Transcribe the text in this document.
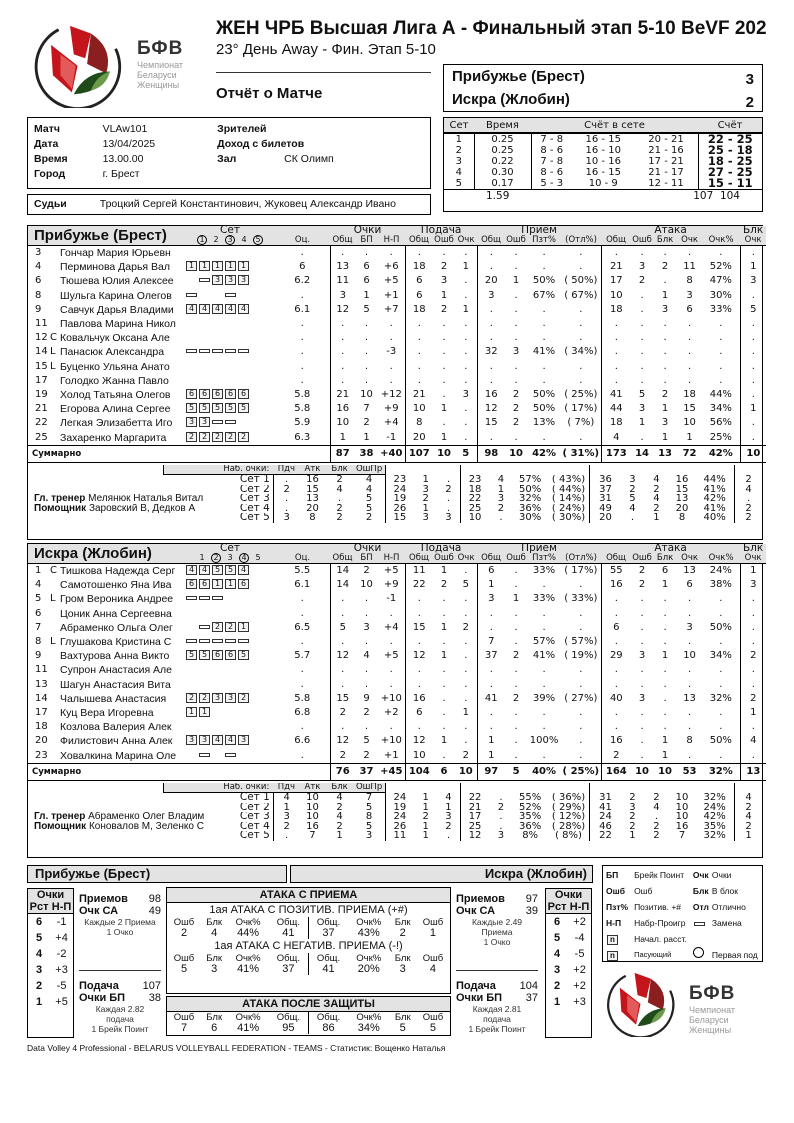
БФВ
Чемпионат
Беларуси
Женщины
ЖЕН ЧРБ Высшая Лига А - Финальный этап 5-10 BeVF 202
23° День Away - Фин. Этап 5-10
Отчёт о Матче
Прибужье (Брест)	3
Искра (Жлобин)	2
Матч	VLAw101	Зрителей	
Дата	13/04/2025	Доход с билетов	
Время	13.00.00	Зал	СК Олимп
Город	г. Брест		
Судьи	Троцкий Сергей Константинович, Жуковец Александр Ивано
Сет	Время	Счёт в сете			Счёт
1	0.25	7 - 8	16 - 15	20 - 21	22 - 25
2	0.25	8 - 6	16 - 10	21 - 16	25 - 18
3	0.22	7 - 8	10 - 16	17 - 21	18 - 25
4	0.30	8 - 6	16 - 15	21 - 17	27 - 25
5	0.17	5 - 3	10 - 9	12 - 11	15 - 11
1.59	107  104
Прибужье (Брест)			Сет		Очки			Подача			Прием				Атака					Блк
			1 2 3 4 5	Оц.	Общ	БП	Н-П	Общ	Ошб	Очк	Общ	Ошб	Пзт%	(Отл%)	Общ	Ошб	Блк	Очк	Очк%	Очк
3		Гончар Мария Юрьевн		.	.	.	.	.	.	.	.	.	.	.	.	.	.	.	.	.
4		Перминова Дарья Вал	1 1 1 1 1	6	13	6	+6	18	2	1	.	.	.	.	21	3	2	11	52%	1
6		Тюшева Юлия Алексее	3 3 3	6.2	11	6	+5	6	3	.	20	1	50%	( 50%)	17	2	.	8	47%	3
8		Шульга Карина Олегов		.	3	1	+1	6	1	.	3	.	67%	( 67%)	10	.	1	3	30%	.
9		Савчук Дарья Владими	4 4 4 4 4	6.1	12	5	+7	18	2	1	.	.	.	.	18	.	3	6	33%	5
11		Павлова Марина Никол		.	.	.	.	.	.	.	.	.	.	.	.	.	.	.	.	.
12	C	Ковальчук Оксана Але		.	.	.	.	.	.	.	.	.	.	.	.	.	.	.	.	.
14	L	Панасюк Александра		.	.	.	-3	.	.	.	32	3	41%	( 34%)	.	.	.	.	.	.
15	L	Буценко Ульяна Анато		.	.	.	.	.	.	.	.	.	.	.	.	.	.	.	.	.
17		Голодко Жанна Павло		.	.	.	.	.	.	.	.	.	.	.	.	.	.	.	.	.
19		Холод Татьяна Олегов	6 6 6 6 6	5.8	21	10	+12	21	.	3	16	2	50%	( 25%)	41	5	2	18	44%	.
21		Егорова Алина Сергее	5 5 5 5 5	5.8	16	7	+9	10	1	.	12	2	50%	( 17%)	44	3	1	15	34%	1
22		Легкая Элизабетта Иго	3 3	5.9	10	2	+4	8	.	.	15	2	13%	( 7%)	18	1	3	10	56%	.
25		Захаренко Маргарита	2 2 2 2 2	6.3	1	1	-1	20	1	.	.	.	.	.	4	.	1	1	25%	.
Суммарно					87	38	+40	107	10	5	98	10	42%	( 31%)	173	14	13	72	42%	10
	Наб. очки:		Пдч	Атк	Блк	ОшПр													
		Сет 1	.	16	2	4	23	1	.	23	4	57%	( 43%)	36	3	4	16	44%	2
		Сет 2	2	15	4	4	24	3	2	18	1	50%	( 44%)	37	2	2	15	41%	4
Гл. тренер Мелянюк Наталья Витал		Сет 3	.	13	.	5	19	2	.	22	3	32%	( 14%)	31	5	4	13	42%	.
Помощник Заровский В, Дедков А		Сет 4	.	20	2	5	26	1	.	25	2	36%	( 24%)	49	4	2	20	41%	2
		Сет 5	3	8	2	2	15	3	3	10	.	30%	( 30%)	20	.	1	8	40%	2
Искра (Жлобин)			Сет		Очки			Подача			Прием				Атака					Блк
			1 2 3 4 5	Оц.	Общ	БП	Н-П	Общ	Ошб	Очк	Общ	Ошб	Пзт%	(Отл%)	Общ	Ошб	Блк	Очк	Очк%	Очк
1	C	Тишкова Надежда Серг	4 4 5 5 4	5.5	14	2	+5	11	1	.	6	.	33%	( 17%)	55	2	6	13	24%	1
4		Самотошенко Яна Ива	6 6 1 1 6	6.1	14	10	+9	22	2	5	1	.	.	.	16	2	1	6	38%	3
5	L	Гром Вероника Андрее		.	.	.	-1	.	.	.	3	1	33%	( 33%)	.	.	.	.	.	.
6		Цоник Анна Сергеевна		.	.	.	.	.	.	.	.	.	.	.	.	.	.	.	.	.
7		Абраменко Ольга Олег	2 2 1	6.5	5	3	+4	15	1	2	.	.	.	.	6	.	.	3	50%	.
8	L	Глушакова Кристина С		.	.	.	.	.	.	.	7	.	57%	( 57%)	.	.	.	.	.	.
9		Вахтурова Анна Викто	5 5 6 6 5	5.7	12	4	+5	12	1	.	37	2	41%	( 19%)	29	3	1	10	34%	2
11		Супрон Анастасия Але		.	.	.	.	.	.	.	.	.	.	.	.	.	.	.	.	.
13		Шагун Анастасия Вита		.	.	.	.	.	.	.	.	.	.	.	.	.	.	.	.	.
14		Чалышева Анастасия	2 2 3 3 2	5.8	15	9	+10	16	.	.	41	2	39%	( 27%)	40	3	.	13	32%	2
17		Куц Вера Игоревна	1 1	6.8	2	2	+2	6	.	1	.	.	.	.	.	.	.	.	.	1
18		Козлова Валерия Алек		.	.	.	.	.	.	.	.	.	.	.	.	.	.	.	.	.
20		Филистович Анна Алек	3 3 4 4 3	6.6	12	5	+10	12	1	.	1	.	100%	.	16	.	1	8	50%	4
23		Ховалкина Марина Оле		.	2	2	+1	10	.	2	1	.	.	.	2	.	1	.	.	.
Суммарно					76	37	+45	104	6	10	97	5	40%	( 25%)	164	10	10	53	32%	13
	Наб. очки:		Пдч	Атк	Блк	ОшПр													
		Сет 1	4	10	4	7	24	1	4	22	.	55%	( 36%)	31	2	2	10	32%	4
		Сет 2	1	10	2	5	19	1	1	21	2	52%	( 29%)	41	3	4	10	24%	2
Гл. тренер Абраменко Олег Владим		Сет 3	3	10	4	8	24	2	3	17	.	35%	( 12%)	24	2	.	10	42%	4
Помощник Коновалов М, Зеленко С		Сет 4	2	16	2	5	26	1	2	25	.	36%	( 28%)	46	2	2	16	35%	2
		Сет 5	.	7	1	3	11	1	.	12	3	8%	( 8%)	22	1	2	7	32%	1
Прибужье (Брест)	Искра (Жлобин)
Очки	
Рст	Н-П
6	-1
5	+4
4	-2
3	+3
2	-5
1	+5
Приемов 98
Очк СА	49
Каждые 2 Приема
1 Очко
Подача 107
Очки БП 38
Каждая 2.82
подача
1 Брейк Поинт
АТАКА С ПРИЕМА							
1ая АТАКА С ПОЗИТИВ. ПРИЕМА (+#)							
Ошб	Блк	Очк%	Общ.	Общ.	Очк%	Блк	Ошб
2	4	44%	41	37	43%	2	1
1ая АТАКА С НЕГАТИВ. ПРИЕМА (-!)							
Ошб	Блк	Очк%	Общ.	Общ.	Очк%	Блк	Ошб
5	3	41%	37	41	20%	3	4
АТАКА ПОСЛЕ ЗАЩИТЫ							
Ошб	Блк	Очк%	Общ.	Общ.	Очк%	Блк	Ошб
7	6	41%	95	86	34%	5	5
Приемов 97
Очк СА	39
Каждые 2.49
Приема
1 Очко
Подача 104
Очки БП 37
Каждая 2.81
подача
1 Брейк Поинт
Очки	
Рст	Н-П
6	+2
5	-4
4	-5
3	+2
2	+2
1	+3
БП	Брейк Поинт	Очк	Очки
Ошб	Ошб	Блк	В блок
Пзт%	Позитив. +#	Отл	Отлично
Н-П	Набр-Проигр		Замена
n	Начал. расст.		
n	Пасующий		Первая под
БФВ
Чемпионат
Беларуси
Женщины
Data Volley 4 Professional - BELARUS VOLLEYBALL FEDERATION - TEAMS - Статистик: Вощенко Наталья
